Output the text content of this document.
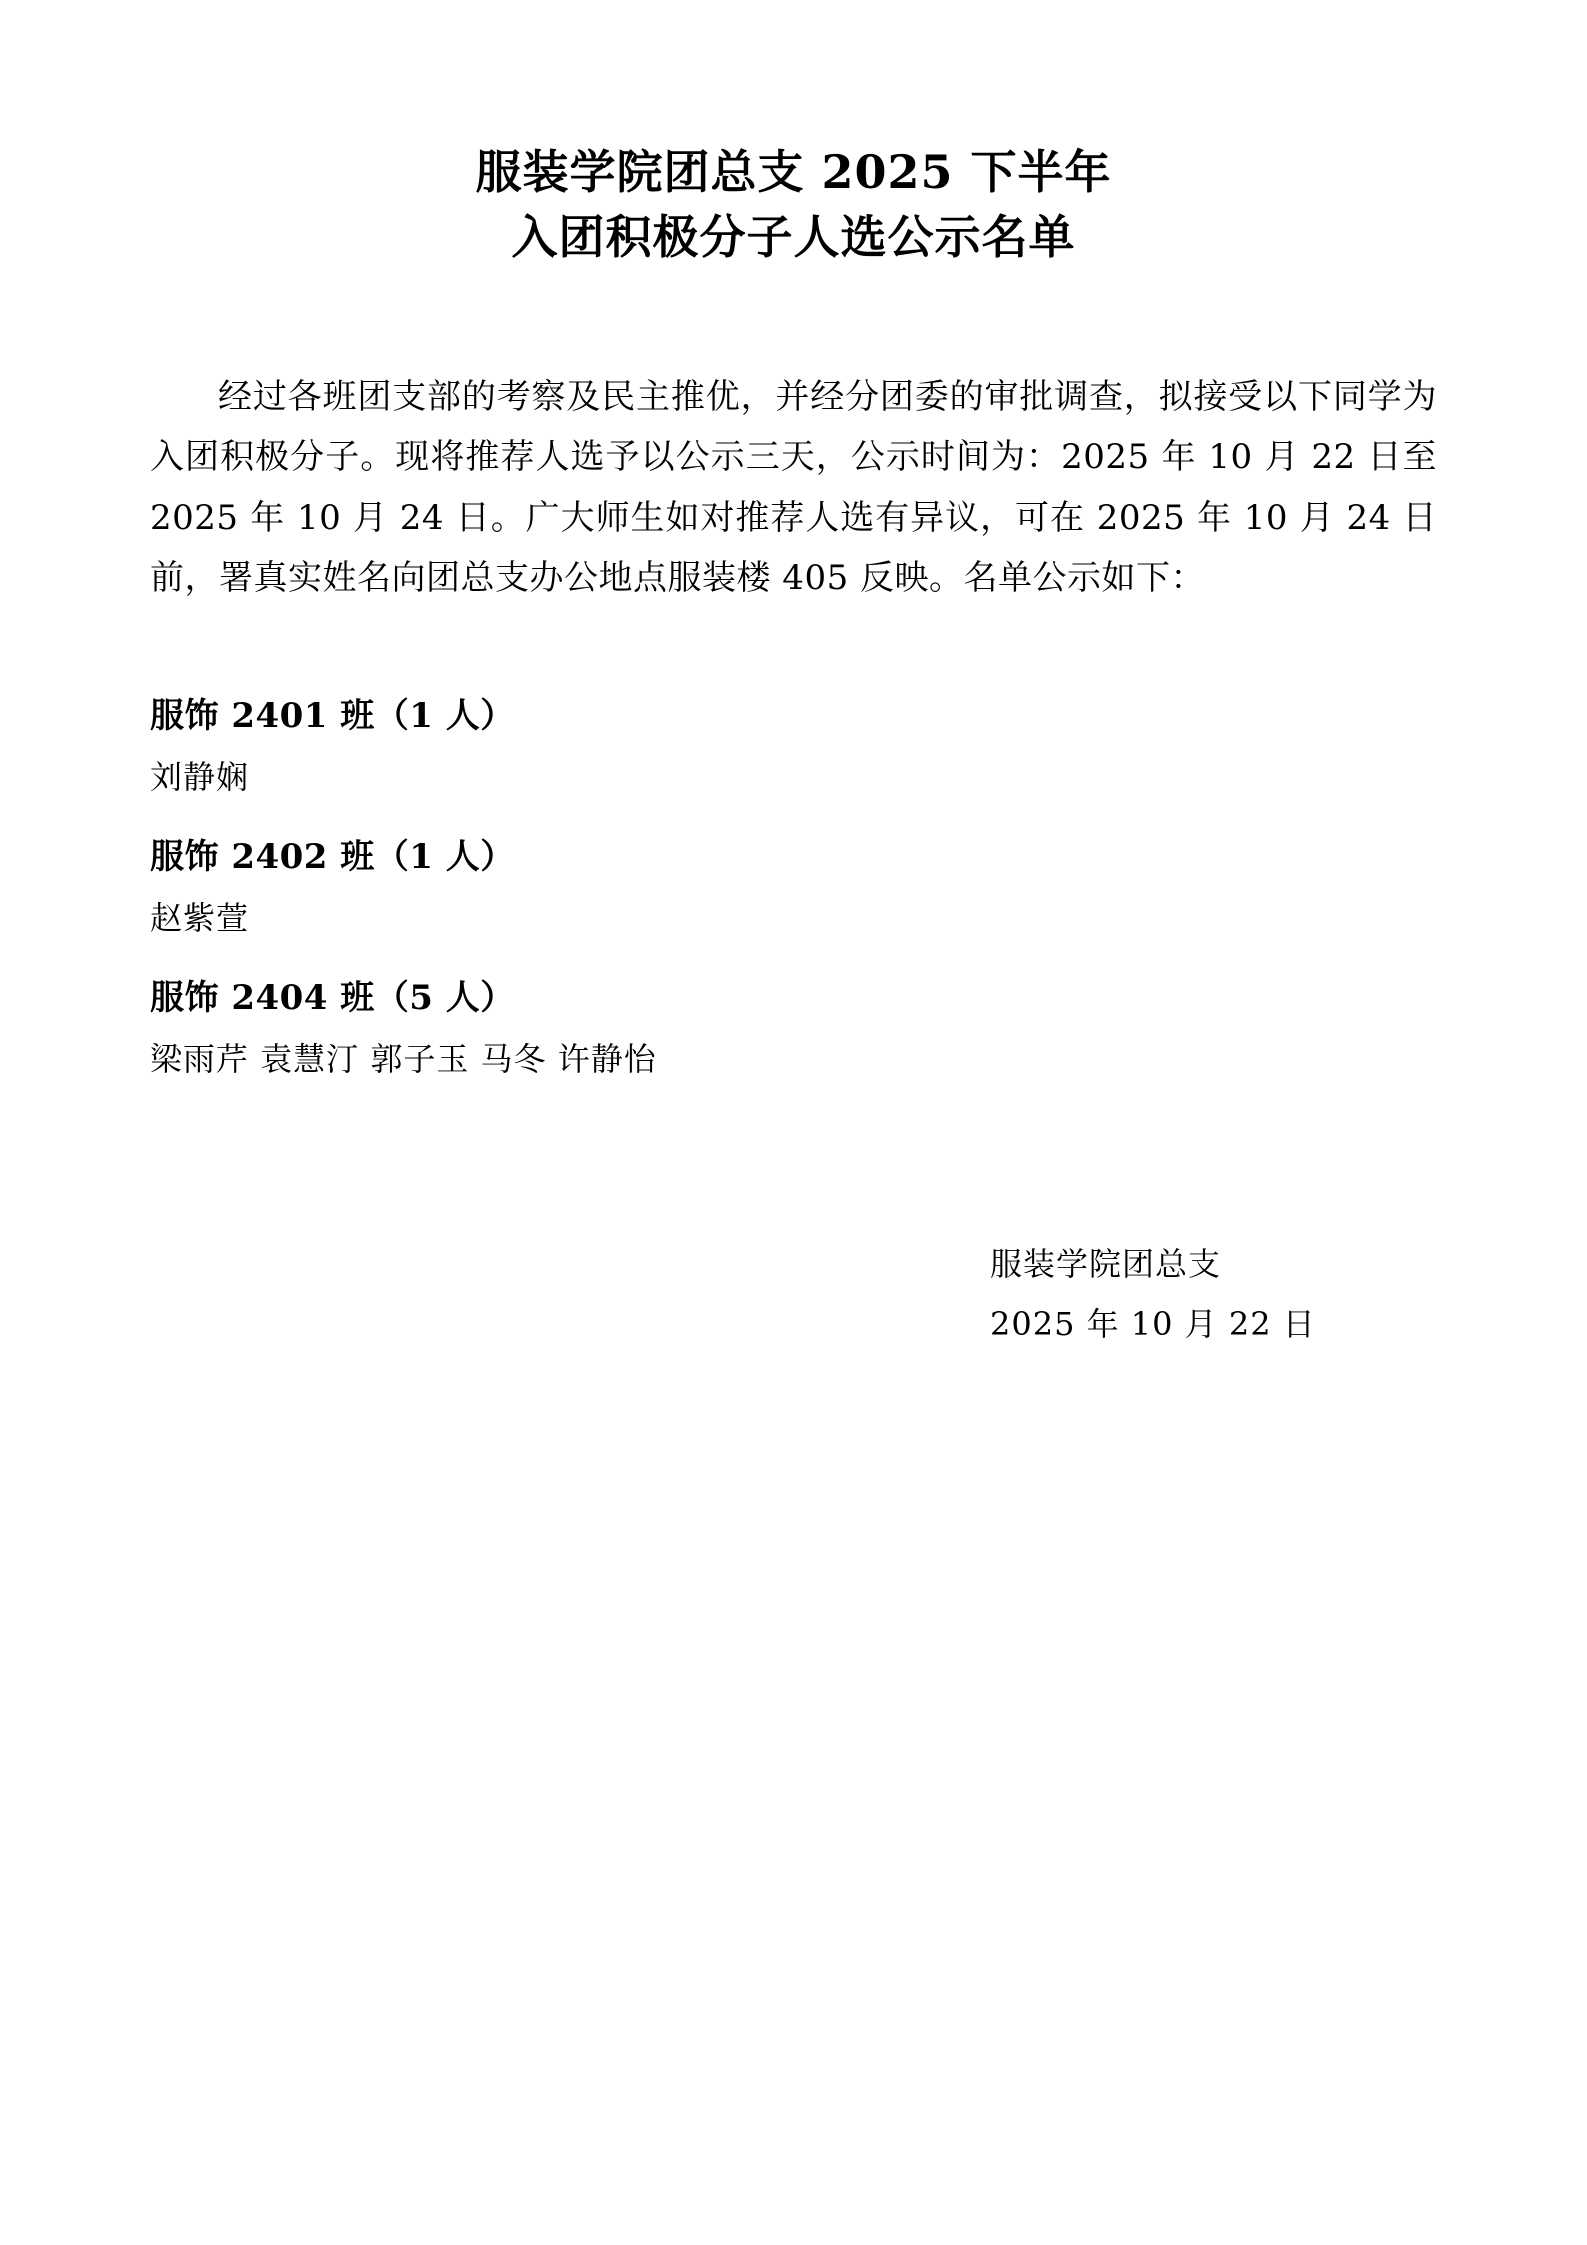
服装学院团总支 2025 下半年
入团积极分子人选公示名单

经过各班团支部的考察及民主推优，并经分团委的审批调查，拟接受以下同学为入团积极分子。现将推荐人选予以公示三天，公示时间为：2025 年 10 月 22 日至 2025 年 10 月 24 日。广大师生如对推荐人选有异议，可在 2025 年 10 月 24 日前，署真实姓名向团总支办公地点服装楼 405 反映。名单公示如下：

服饰 2401 班（1 人）
刘静娴
服饰 2402 班（1 人）
赵紫萱
服饰 2404 班（5 人）
梁雨芹 袁慧汀 郭子玉 马冬 许静怡
服装学院团总支
2025 年 10 月 22 日
